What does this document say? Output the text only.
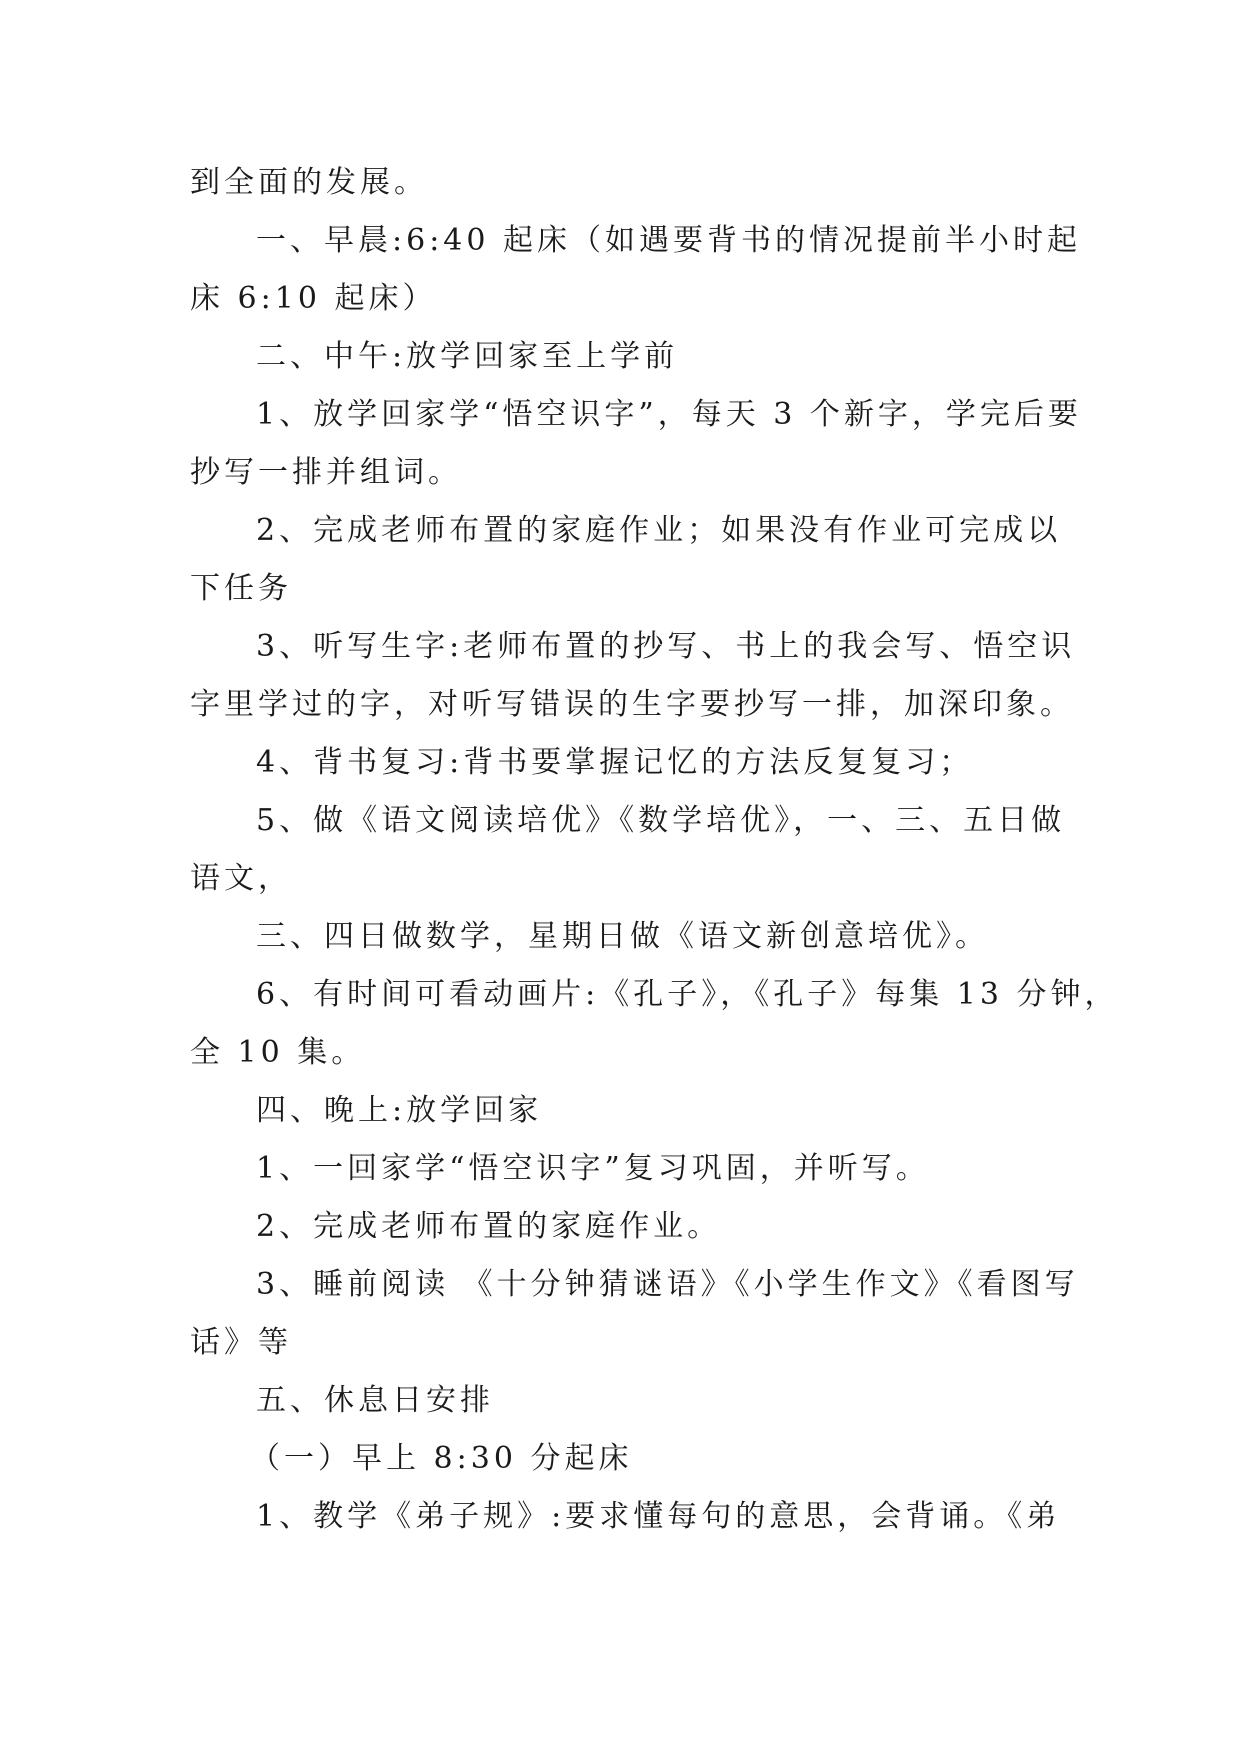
到全面的发展。

一、早晨:6:40 起床（如遇要背书的情况提前半小时起

床 6:10 起床）

二、中午:放学回家至上学前

1、放学回家学“悟空识字”，每天 3 个新字，学完后要

抄写一排并组词。

2、完成老师布置的家庭作业；如果没有作业可完成以

下任务

3、听写生字:老师布置的抄写、书上的我会写、悟空识

字里学过的字，对听写错误的生字要抄写一排，加深印象。

4、背书复习:背书要掌握记忆的方法反复复习；

5、做《语文阅读培优》《数学培优》，一、三、五日做

语文，

三、四日做数学，星期日做《语文新创意培优》。

6、有时间可看动画片:《孔子》，《孔子》每集 13 分钟，

全 10 集。

四、晚上:放学回家

1、一回家学“悟空识字”复习巩固，并听写。

2、完成老师布置的家庭作业。

3、睡前阅读 《十分钟猜谜语》《小学生作文》《看图写

话》等

五、休息日安排

（一）早上 8:30 分起床

1、教学《弟子规》:要求懂每句的意思，会背诵。《弟
